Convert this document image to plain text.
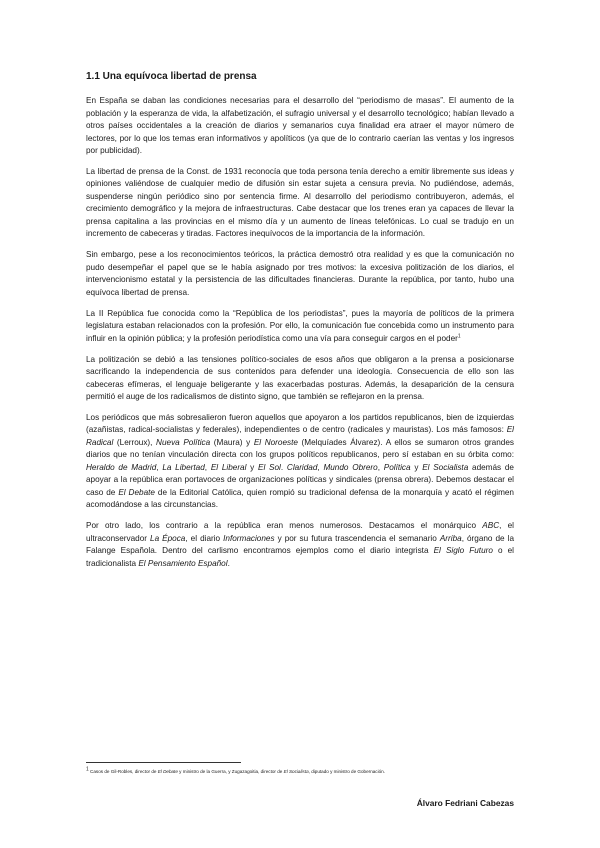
1.1 Una equívoca libertad de prensa

En España se daban las condiciones necesarias para el desarrollo del “periodismo de masas”. El aumento de la población y la esperanza de vida, la alfabetización, el sufragio universal y el desarrollo tecnológico; habían llevado a otros países occidentales a la creación de diarios y semanarios cuya finalidad era atraer el mayor número de lectores, por lo que los temas eran informativos y apolíticos (ya que de lo contrario caerían las ventas y los ingresos por publicidad).

La libertad de prensa de la Const. de 1931 reconocía que toda persona tenía derecho a emitir libremente sus ideas y opiniones valiéndose de cualquier medio de difusión sin estar sujeta a censura previa. No pudiéndose, además, suspenderse ningún periódico sino por sentencia firme. Al desarrollo del periodismo contribuyeron, además, el crecimiento demográfico y la mejora de infraestructuras. Cabe destacar que los trenes eran ya capaces de llevar la prensa capitalina a las provincias en el mismo día y un aumento de líneas telefónicas. Lo cual se tradujo en un incremento de cabeceras y tiradas. Factores inequívocos de la importancia de la información.

Sin embargo, pese a los reconocimientos teóricos, la práctica demostró otra realidad y es que la comunicación no pudo desempeñar el papel que se le había asignado por tres motivos: la excesiva politización de los diarios, el intervencionismo estatal y la persistencia de las dificultades financieras. Durante la república, por tanto, hubo una equívoca libertad de prensa.

La II República fue conocida como la “República de los periodistas”, pues la mayoría de políticos de la primera legislatura estaban relacionados con la profesión. Por ello, la comunicación fue concebida como un instrumento para influir en la opinión pública; y la profesión periodística como una vía para conseguir cargos en el poder$^1$

La politización se debió a las tensiones político-sociales de esos años que obligaron a la prensa a posicionarse sacrificando la independencia de sus contenidos para defender una ideología. Consecuencia de ello son las cabeceras efímeras, el lenguaje beligerante y las exacerbadas posturas. Además, la desaparición de la censura permitió el auge de los radicalismos de distinto signo, que también se reflejaron en la prensa.

Los periódicos que más sobresalieron fueron aquellos que apoyaron a los partidos republicanos, bien de izquierdas (azañistas, radical-socialistas y federales), independientes o de centro (radicales y mauristas). Los más famosos: El Radical (Lerroux), Nueva Política (Maura) y El Noroeste (Melquíades Álvarez). A ellos se sumaron otros grandes diarios que no tenían vinculación directa con los grupos políticos republicanos, pero sí estaban en su órbita como: Heraldo de Madrid, La Libertad, El Liberal y El Sol. Claridad, Mundo Obrero, Política y El Socialista además de apoyar a la república eran portavoces de organizaciones políticas y sindicales (prensa obrera). Debemos destacar el caso de El Debate de la Editorial Católica, quien rompió su tradicional defensa de la monarquía y acató el régimen acomodándose a las circunstancias.

Por otro lado, los contrario a la república eran menos numerosos. Destacamos el monárquico ABC, el ultraconservador La Época, el diario Informaciones y por su futura trascendencia el semanario Arriba, órgano de la Falange Española. Dentro del carlismo encontramos ejemplos como el diario integrista El Siglo Futuro o el tradicionalista El Pensamiento Español.

$^1$ Casos de Gil-Robles, director de El Debate y ministro de la Guerra, y Zugazagoitia, director de El Socialista, diputado y ministro de Gobernación.

Álvaro Fedriani Cabezas
